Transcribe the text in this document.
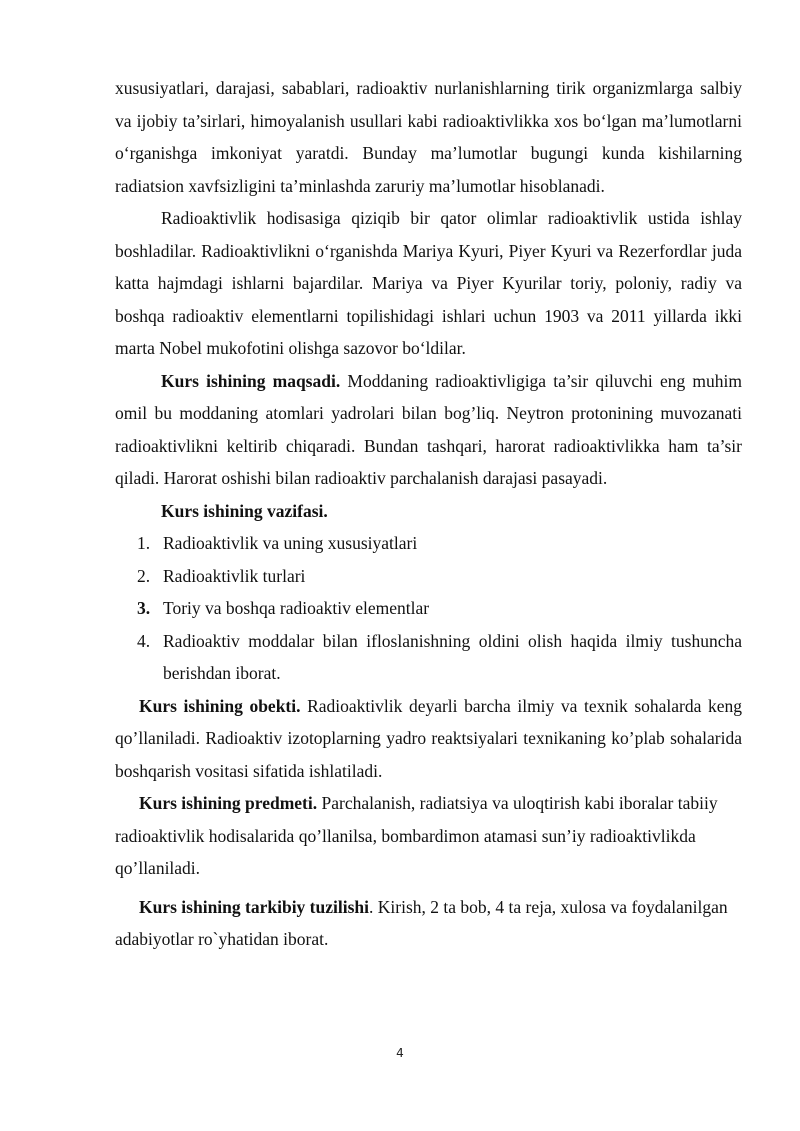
xususiyatlari, darajasi, sabablari, radioaktiv nurlanishlarning tirik organizmlarga salbiy va ijobiy ta’sirlari, himoyalanish usullari kabi radioaktivlikka xos bo‘lgan ma’lumotlarni o‘rganishga imkoniyat yaratdi. Bunday ma’lumotlar bugungi kunda kishilarning radiatsion xavfsizligini ta’minlashda zaruriy ma’lumotlar hisoblanadi.

Radioaktivlik hodisasiga qiziqib bir qator olimlar radioaktivlik ustida ishlay boshladilar. Radioaktivlikni o‘rganishda Mariya Kyuri, Piyer Kyuri va Rezerfordlar juda katta hajmdagi ishlarni bajardilar. Mariya va Piyer Kyurilar toriy, poloniy, radiy va boshqa radioaktiv elementlarni topilishidagi ishlari uchun 1903 va 2011 yillarda ikki marta Nobel mukofotini olishga sazovor bo‘ldilar.

Kurs ishining maqsadi. Moddaning radioaktivligiga ta’sir qiluvchi eng muhim omil bu moddaning atomlari yadrolari bilan bog’liq. Neytron protonining muvozanati radioaktivlikni keltirib chiqaradi. Bundan tashqari, harorat radioaktivlikka ham ta’sir qiladi. Harorat oshishi bilan radioaktiv parchalanish darajasi pasayadi.

Kurs ishining vazifasi.

1. Radioaktivlik va uning xususiyatlari
2. Radioaktivlik turlari
3. Toriy va boshqa radioaktiv elementlar
4. Radioaktiv moddalar bilan ifloslanishning oldini olish haqida ilmiy tushuncha berishdan iborat.

Kurs ishining obekti. Radioaktivlik deyarli barcha ilmiy va texnik sohalarda keng qo’llaniladi. Radioaktiv izotoplarning yadro reaktsiyalari texnikaning ko’plab sohalarida boshqarish vositasi sifatida ishlatiladi.

Kurs ishining predmeti. Parchalanish, radiatsiya va uloqtirish kabi iboralar tabiiy radioaktivlik hodisalarida qo’llanilsa, bombardimon atamasi sun’iy radioaktivlikda qo’llaniladi.

Kurs ishining tarkibiy tuzilishi. Kirish, 2 ta bob, 4 ta reja, xulosa va foydalanilgan adabiyotlar ro`yhatidan iborat.

4
